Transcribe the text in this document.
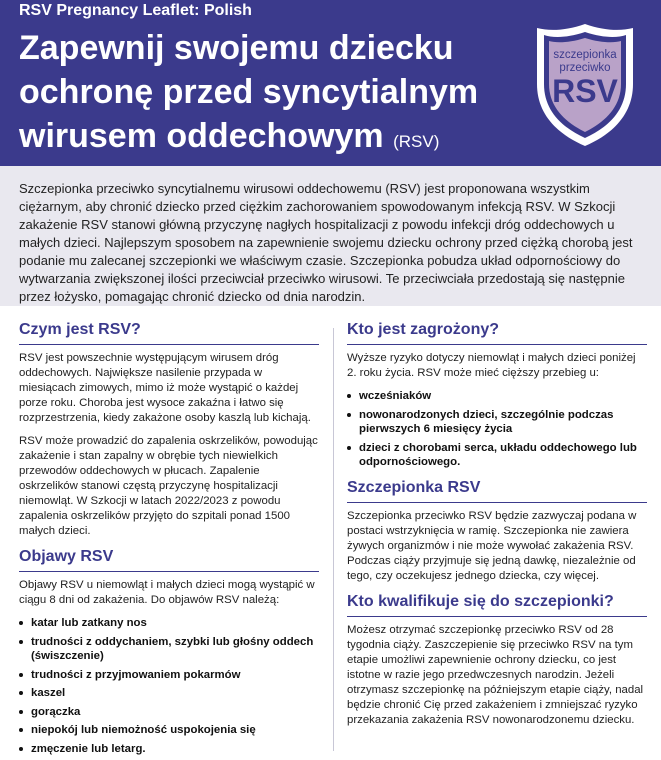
RSV Pregnancy Leaflet: Polish
Zapewnij swojemu dziecku ochronę przed syncytialnym wirusem oddechowym (RSV)
szczepionka
przeciwko
RSV

Szczepionka przeciwko syncytialnemu wirusowi oddechowemu (RSV) jest proponowana wszystkim ciężarnym, aby chronić dziecko przed ciężkim zachorowaniem spowodowanym infekcją RSV. W Szkocji zakażenie RSV stanowi główną przyczynę nagłych hospitalizacji z powodu infekcji dróg oddechowych u małych dzieci. Najlepszym sposobem na zapewnienie swojemu dziecku ochrony przed ciężką chorobą jest podanie mu zalecanej szczepionki we właściwym czasie. Szczepionka pobudza układ odpornościowy do wytwarzania zwiększonej ilości przeciwciał przeciwko wirusowi. Te przeciwciała przedostają się następnie przez łożysko, pomagając chronić dziecko od dnia narodzin.

Czym jest RSV?

RSV jest powszechnie występującym wirusem dróg oddechowych. Największe nasilenie przypada w miesiącach zimowych, mimo iż może wystąpić o każdej porze roku. Choroba jest wysoce zakaźna i łatwo się rozprzestrzenia, kiedy zakażone osoby kaszlą lub kichają.

RSV może prowadzić do zapalenia oskrzelików, powodując zakażenie i stan zapalny w obrębie tych niewielkich przewodów oddechowych w płucach. Zapalenie oskrzelików stanowi częstą przyczynę hospitalizacji niemowląt. W Szkocji w latach 2022/2023 z powodu zapalenia oskrzelików przyjęto do szpitali ponad 1500 małych dzieci.

Objawy RSV

Objawy RSV u niemowląt i małych dzieci mogą wystąpić w ciągu 8 dni od zakażenia. Do objawów RSV należą:

katar lub zatkany nos
trudności z oddychaniem, szybki lub głośny oddech (świszczenie)
trudności z przyjmowaniem pokarmów
kaszel
gorączka
niepokój lub niemożność uspokojenia się
zmęczenie lub letarg.
Kto jest zagrożony?

Wyższe ryzyko dotyczy niemowląt i małych dzieci poniżej 2. roku życia. RSV może mieć cięższy przebieg u:

wcześniaków
nowonarodzonych dzieci, szczególnie podczas pierwszych 6 miesięcy życia
dzieci z chorobami serca, układu oddechowego lub odpornościowego.
Szczepionka RSV

Szczepionka przeciwko RSV będzie zazwyczaj podana w postaci wstrzyknięcia w ramię. Szczepionka nie zawiera żywych organizmów i nie może wywołać zakażenia RSV. Podczas ciąży przyjmuje się jedną dawkę, niezależnie od tego, czy oczekujesz jednego dziecka, czy więcej.

Kto kwalifikuje się do szczepionki?

Możesz otrzymać szczepionkę przeciwko RSV od 28 tygodnia ciąży. Zaszczepienie się przeciwko RSV na tym etapie umożliwi zapewnienie ochrony dziecku, co jest istotne w razie jego przedwczesnych narodzin. Jeżeli otrzymasz szczepionkę na późniejszym etapie ciąży, nadal będzie chronić Cię przed zakażeniem i zmniejszać ryzyko przekazania zakażenia RSV nowonarodzonemu dziecku.
